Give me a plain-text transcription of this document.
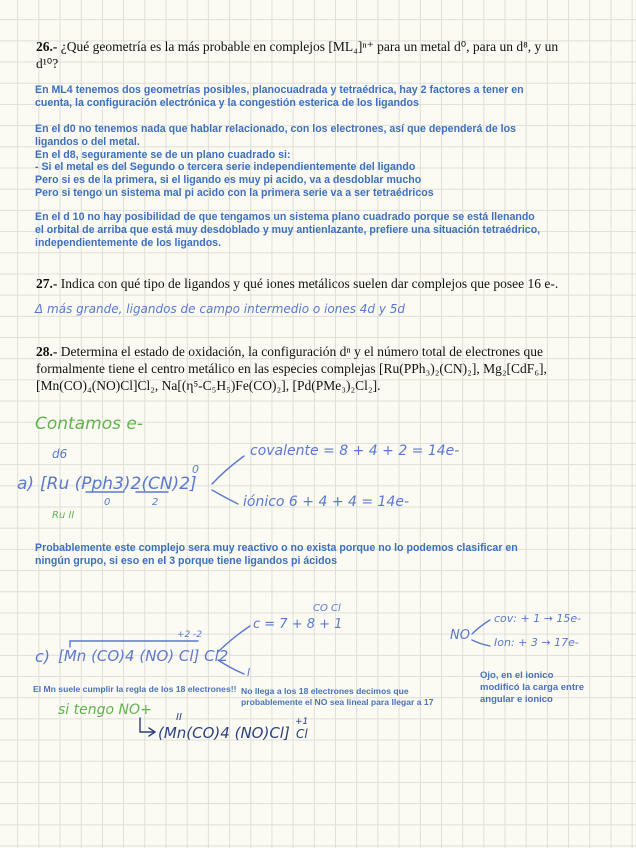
26.- ¿Qué geometría es la más probable en complejos [ML₄]ⁿ⁺ para un metal d⁰, para un d⁸, y un
d¹⁰?
En ML4 tenemos dos geometrías posibles, planocuadrada y tetraédrica, hay 2 factores a tener en
cuenta, la configuración electrónica y la congestión esterica de los ligandos
En el d0 no tenemos nada que hablar relacionado, con los electrones, así que dependerá de los
ligandos o del metal.
En el d8, seguramente se de un plano cuadrado si:
- Si el metal es del Segundo o tercera serie independientemente del ligando
Pero si es de la primera, si el ligando es muy pi acido, va a desdoblar mucho
Pero si tengo un sistema mal pi acido con la primera serie va a ser tetraédricos
En el d 10 no hay posibilidad de que tengamos un sistema plano cuadrado porque se está llenando
el orbital de arriba que está muy desdoblado y muy antienlazante, prefiere una situación tetraédrico,
independientemente de los ligandos.
27.- Indica con qué tipo de ligandos y qué iones metálicos suelen dar complejos que posee 16 e-.
Δ más grande, ligandos de campo intermedio o iones 4d y 5d
28.- Determina el estado de oxidación, la configuración dⁿ y el número total de electrones que
formalmente tiene el centro metálico en las especies complejas [Ru(PPh₃)₂(CN)₂], Mg₂[CdF₆],
[Mn(CO)₄(NO)Cl]Cl₂, Na[(η⁵-C₅H₅)Fe(CO)₂], [Pd(PMe₃)₂Cl₂].
Contamos e-
d6
a) [Ru (Pph3)2(CN)2]
0
0	2
Ru II
covalente = 8 + 4 + 2 = 14e-
iónico 6 + 4 + 4 = 14e-
Probablemente este complejo sera muy reactivo o no exista porque no lo podemos clasificar en
ningún grupo, si eso en el 3 porque tiene ligandos pi ácidos
CO Cl
c = 7 + 8 + 1
+2 -2
c) [Mn (CO)4 (NO) Cl] Cl2
I
NO
cov: + 1 → 15e-
Ion: + 3 → 17e-
El Mn suele cumplir la regla de los 18 electrones!! No llega a los 18 electrones decimos que
probablemente el NO sea lineal para llegar a 17
Ojo, en el ionico
modificó la carga entre
angular e ionico
si tengo NO+ II
(Mn(CO)4 (NO)Cl]
+1
Cl
